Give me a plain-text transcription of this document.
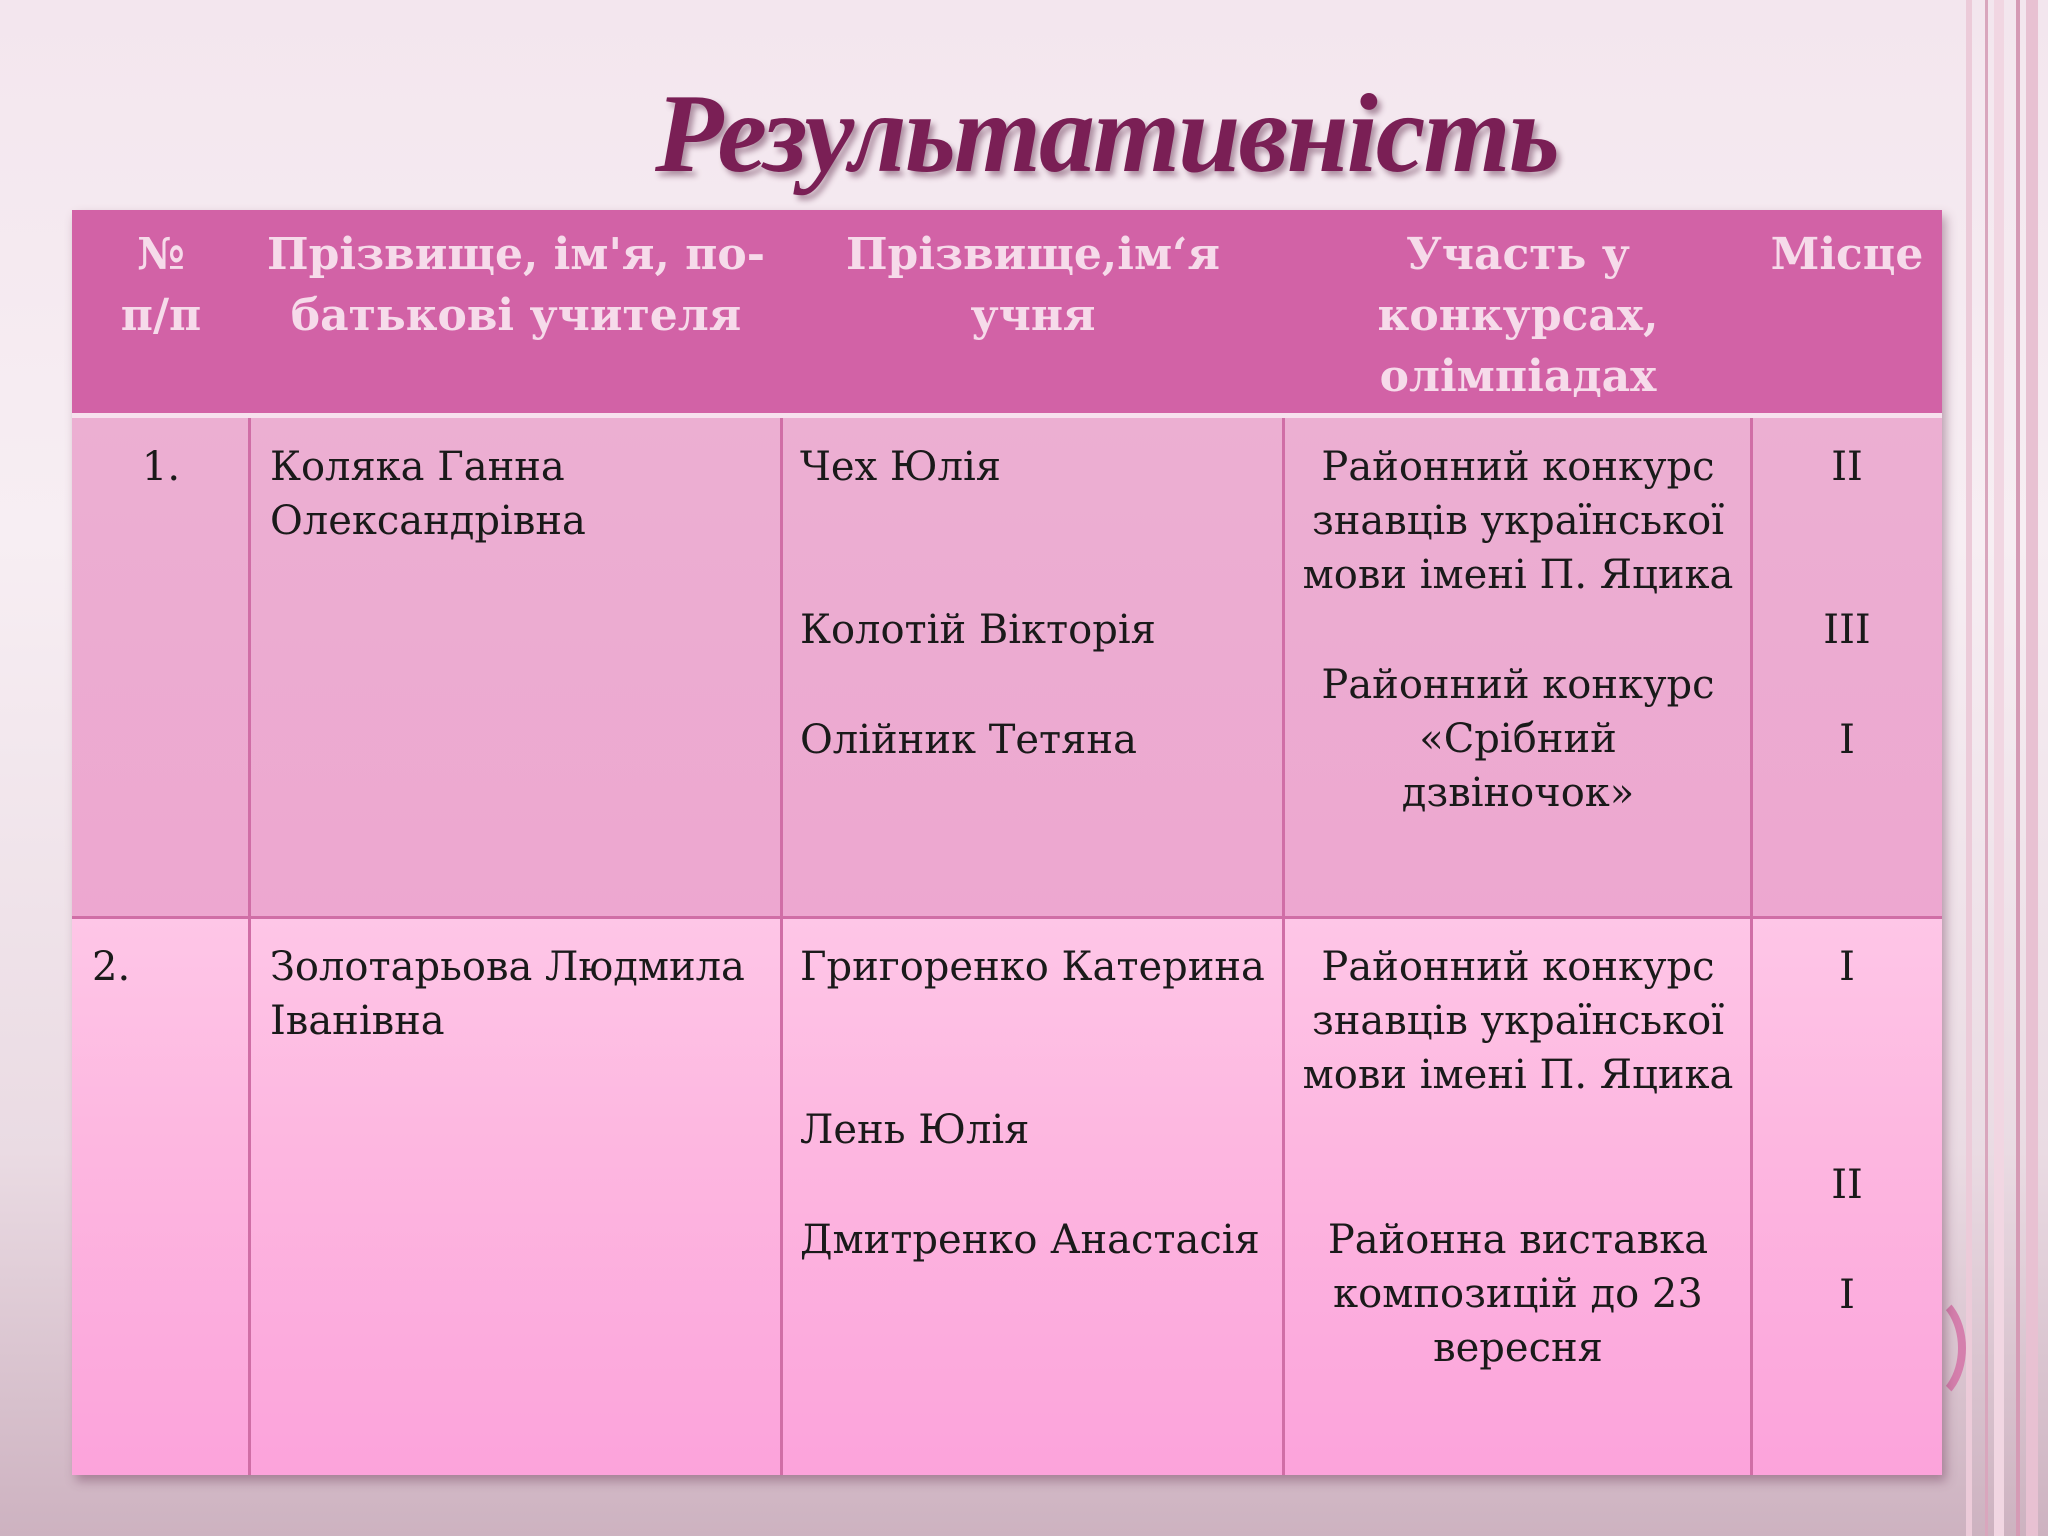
Результативність
№
п/п
Прізвище, ім'я, по-
батькові учителя
Прізвище,ім‘я
учня
Участь у
конкурсах,
олімпіадах
Місце
1.	Коляка Ганна
Олександрівна
Чех Юлія
Колотій Вікторія
Олійник Тетяна
Районний конкурс
знавців української
мови імені П. Яцика
Районний конкурс
«Срібний
дзвіночок»
II
III
I
2.	Золотарьова Людмила
Іванівна
Григоренко Катерина
Лень Юлія
Дмитренко Анастасія
Районний конкурс
знавців української
мови імені П. Яцика
Районна виставка
композицій до 23
вересня
I
II
I
